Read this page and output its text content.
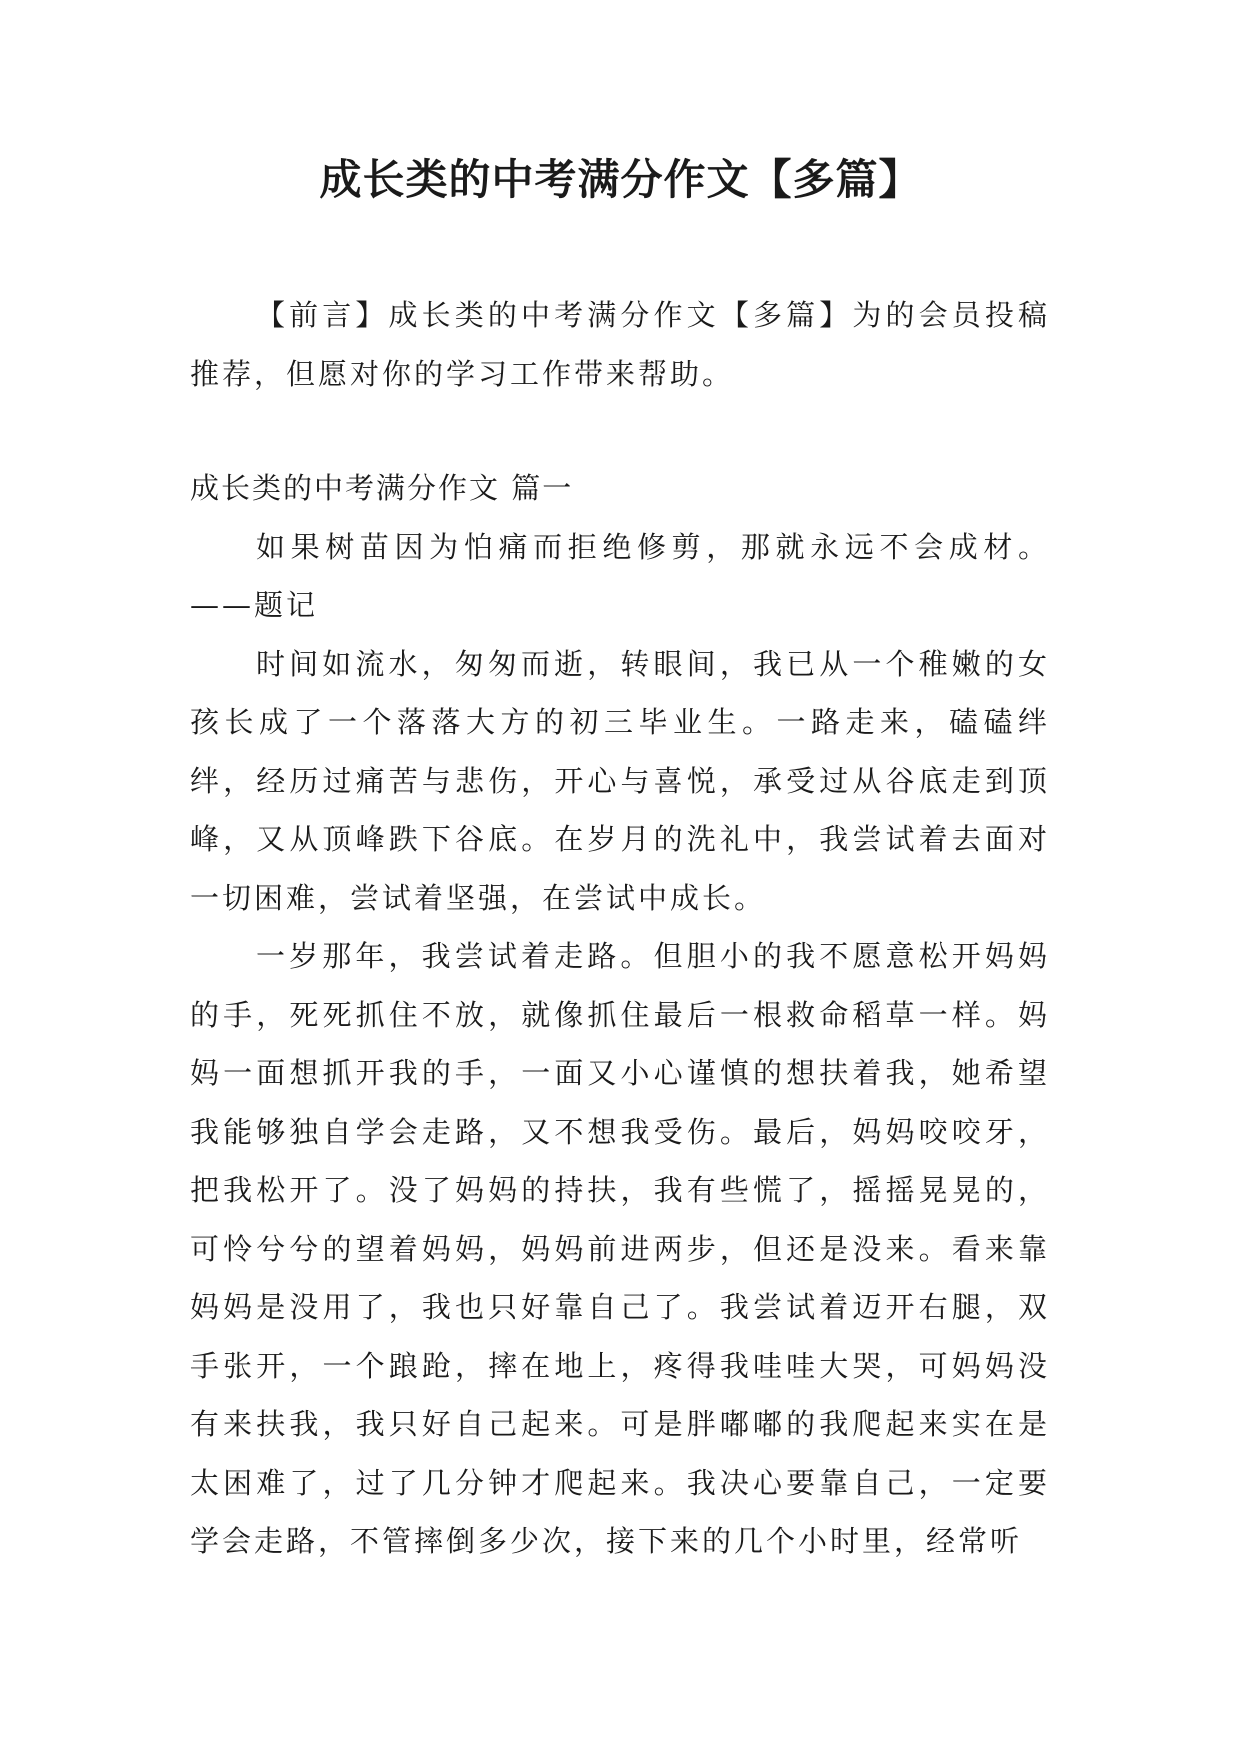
成长类的中考满分作文【多篇】

【前言】成长类的中考满分作文【多篇】为的会员投稿推荐，但愿对你的学习工作带来帮助。

成长类的中考满分作文 篇一

如果树苗因为怕痛而拒绝修剪，那就永远不会成材。——题记

时间如流水，匆匆而逝，转眼间，我已从一个稚嫩的女孩长成了一个落落大方的初三毕业生。一路走来，磕磕绊绊，经历过痛苦与悲伤，开心与喜悦，承受过从谷底走到顶峰，又从顶峰跌下谷底。在岁月的洗礼中，我尝试着去面对一切困难，尝试着坚强，在尝试中成长。

一岁那年，我尝试着走路。但胆小的我不愿意松开妈妈的手，死死抓住不放，就像抓住最后一根救命稻草一样。妈妈一面想抓开我的手，一面又小心谨慎的想扶着我，她希望我能够独自学会走路，又不想我受伤。最后，妈妈咬咬牙，把我松开了。没了妈妈的持扶，我有些慌了，摇摇晃晃的，可怜兮兮的望着妈妈，妈妈前进两步，但还是没来。看来靠妈妈是没用了，我也只好靠自己了。我尝试着迈开右腿，双手张开，一个踉跄，摔在地上，疼得我哇哇大哭，可妈妈没有来扶我，我只好自己起来。可是胖嘟嘟的我爬起来实在是太困难了，过了几分钟才爬起来。我决心要靠自己，一定要学会走路，不管摔倒多少次，接下来的几个小时里，经常听
